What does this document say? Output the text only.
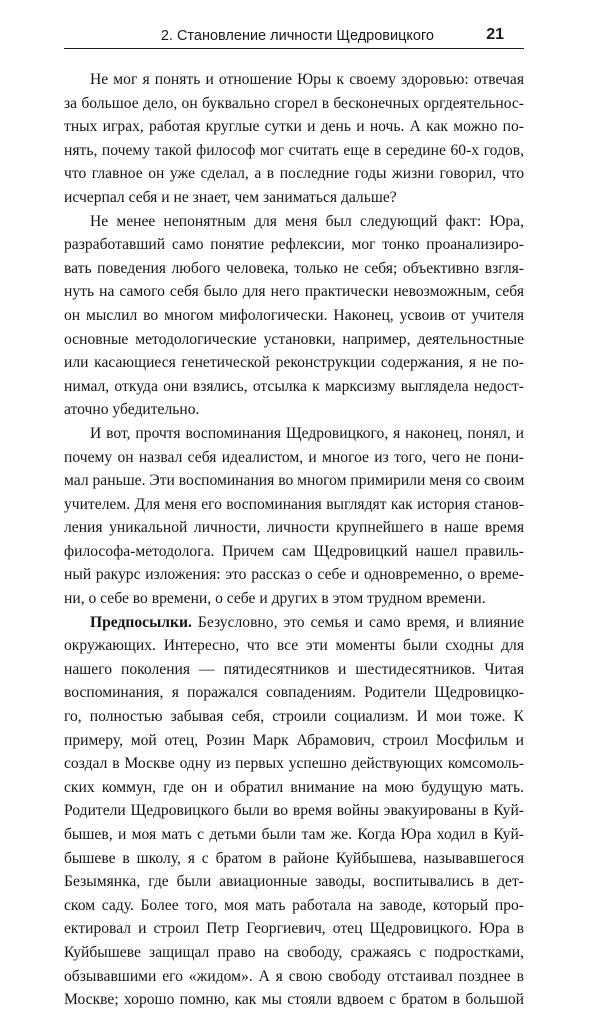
2. Становление личности Щедровицкого	21
Не мог я понять и отношение Юры к своему здоровью: отвечая
за большое дело, он буквально сгорел в бесконечных оргдеятельнос-
тных играх, работая круглые сутки и день и ночь. А как можно по-
нять, почему такой философ мог считать еще в середине 60-х годов,
что главное он уже сделал, а в последние годы жизни говорил, что
исчерпал себя и не знает, чем заниматься дальше?
Не менее непонятным для меня был следующий факт: Юра,
разработавший само понятие рефлексии, мог тонко проанализиро-
вать поведения любого человека, только не себя; объективно взгля-
нуть на самого себя было для него практически невозможным, себя
он мыслил во многом мифологически. Наконец, усвоив от учителя
основные методологические установки, например, деятельностные
или касающиеся генетической реконструкции содержания, я не по-
нимал, откуда они взялись, отсылка к марксизму выглядела недост-
аточно убедительно.
И вот, прочтя воспоминания Щедровицкого, я наконец, понял, и
почему он назвал себя идеалистом, и многое из того, чего не пони-
мал раньше. Эти воспоминания во многом примирили меня со своим
учителем. Для меня его воспоминания выглядят как история станов-
ления уникальной личности, личности крупнейшего в наше время
философа-методолога. Причем сам Щедровицкий нашел правиль-
ный ракурс изложения: это рассказ о себе и одновременно, о време-
ни, о себе во времени, о себе и других в этом трудном времени.
Предпосылки. Безусловно, это семья и само время, и влияние
окружающих. Интересно, что все эти моменты были сходны для
нашего поколения — пятидесятников и шестидесятников. Читая
воспоминания, я поражался совпадениям. Родители Щедровицко-
го, полностью забывая себя, строили социализм. И мои тоже. К
примеру, мой отец, Розин Марк Абрамович, строил Мосфильм и
создал в Москве одну из первых успешно действующих комсомоль-
ских коммун, где он и обратил внимание на мою будущую мать.
Родители Щедровицкого были во время войны эвакуированы в Куй-
бышев, и моя мать с детьми были там же. Когда Юра ходил в Куй-
бышеве в школу, я с братом в районе Куйбышева, называвшегося
Безымянка, где были авиационные заводы, воспитывались в дет-
ском саду. Более того, моя мать работала на заводе, который про-
ектировал и строил Петр Георгиевич, отец Щедровицкого. Юра в
Куйбышеве защищал право на свободу, сражаясь с подростками,
обзывавшими его «жидом». А я свою свободу отстаивал позднее в
Москве; хорошо помню, как мы стояли вдвоем с братом в большой
